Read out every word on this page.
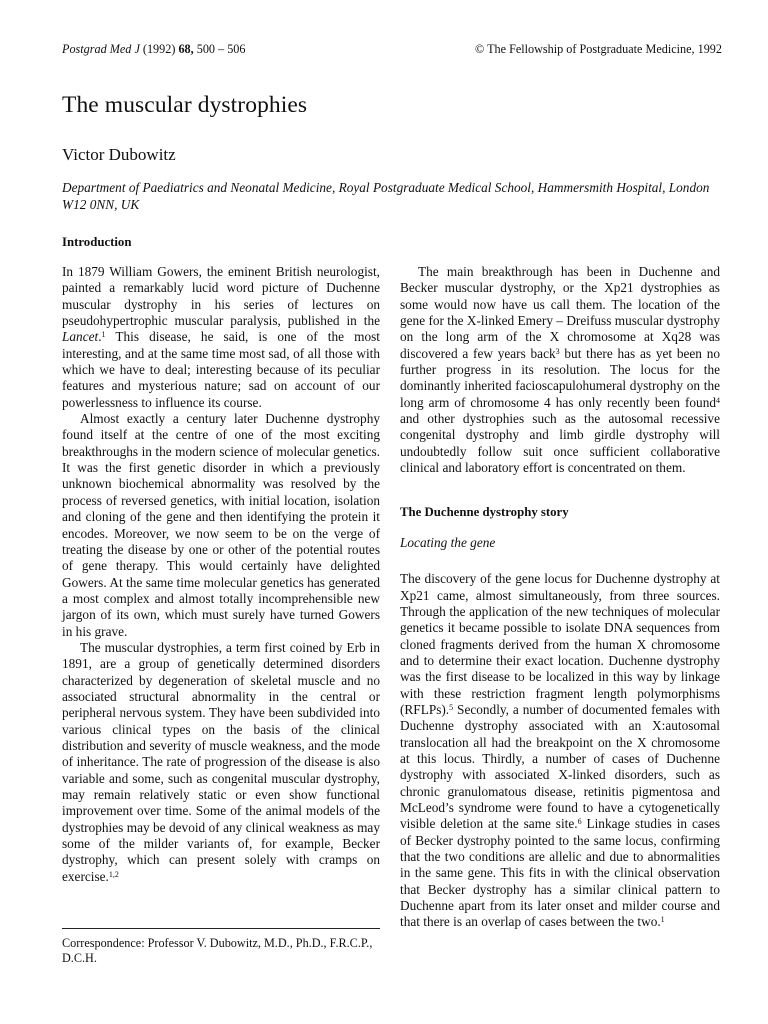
Postgrad Med J (1992) 68, 500 – 506	© The Fellowship of Postgraduate Medicine, 1992
The muscular dystrophies
Victor Dubowitz
Department of Paediatrics and Neonatal Medicine, Royal Postgraduate Medical School, Hammersmith Hospital, London W12 0NN, UK
Introduction

In 1879 William Gowers, the eminent British neurologist, painted a remarkably lucid word picture of Duchenne muscular dystrophy in his series of lectures on pseudohypertrophic muscular paralysis, published in the Lancet.$^1$ This disease, he said, is one of the most interesting, and at the same time most sad, of all those with which we have to deal; interesting because of its peculiar features and mysterious nature; sad on account of our powerlessness to influence its course.

Almost exactly a century later Duchenne dystrophy found itself at the centre of one of the most exciting breakthroughs in the modern science of molecular genetics. It was the first genetic disorder in which a previously unknown biochemical abnormality was resolved by the process of reversed genetics, with initial location, isolation and cloning of the gene and then identifying the protein it encodes. Moreover, we now seem to be on the verge of treating the disease by one or other of the potential routes of gene therapy. This would certainly have delighted Gowers. At the same time molecular genetics has generated a most complex and almost totally incomprehensible new jargon of its own, which must surely have turned Gowers in his grave.

The muscular dystrophies, a term first coined by Erb in 1891, are a group of genetically determined disorders characterized by degeneration of skeletal muscle and no associated structural abnormality in the central or peripheral nervous system. They have been subdivided into various clinical types on the basis of the clinical distribution and severity of muscle weakness, and the mode of inheritance. The rate of progression of the disease is also variable and some, such as congenital muscular dystrophy, may remain relatively static or even show functional improvement over time. Some of the animal models of the dystrophies may be devoid of any clinical weakness as may some of the milder variants of, for example, Becker dystrophy, which can present solely with cramps on exercise.$^{1,2}$

The main breakthrough has been in Duchenne and Becker muscular dystrophy, or the Xp21 dystrophies as some would now have us call them. The location of the gene for the X-linked Emery – Dreifuss muscular dystrophy on the long arm of the X chromosome at Xq28 was discovered a few years back$^3$ but there has as yet been no further progress in its resolution. The locus for the dominantly inherited facioscapulohumeral dystrophy on the long arm of chromosome 4 has only recently been found$^4$ and other dystrophies such as the autosomal recessive congenital dystrophy and limb girdle dystrophy will undoubtedly follow suit once sufficient collaborative clinical and laboratory effort is concentrated on them.

The Duchenne dystrophy story

Locating the gene

The discovery of the gene locus for Duchenne dystrophy at Xp21 came, almost simultaneously, from three sources. Through the application of the new techniques of molecular genetics it became possible to isolate DNA sequences from cloned fragments derived from the human X chromosome and to determine their exact location. Duchenne dystrophy was the first disease to be localized in this way by linkage with these restriction fragment length polymorphisms (RFLPs).$^5$ Secondly, a number of documented females with Duchenne dystrophy associated with an X:autosomal translocation all had the breakpoint on the X chromosome at this locus. Thirdly, a number of cases of Duchenne dystrophy with associated X-linked disorders, such as chronic granulomatous disease, retinitis pigmentosa and McLeod’s syndrome were found to have a cytogenetically visible deletion at the same site.$^6$ Linkage studies in cases of Becker dystrophy pointed to the same locus, confirming that the two conditions are allelic and due to abnormalities in the same gene. This fits in with the clinical observation that Becker dystrophy has a similar clinical pattern to Duchenne apart from its later onset and milder course and that there is an overlap of cases between the two.$^1$

Correspondence: Professor V. Dubowitz, M.D., Ph.D., F.R.C.P., D.C.H.
